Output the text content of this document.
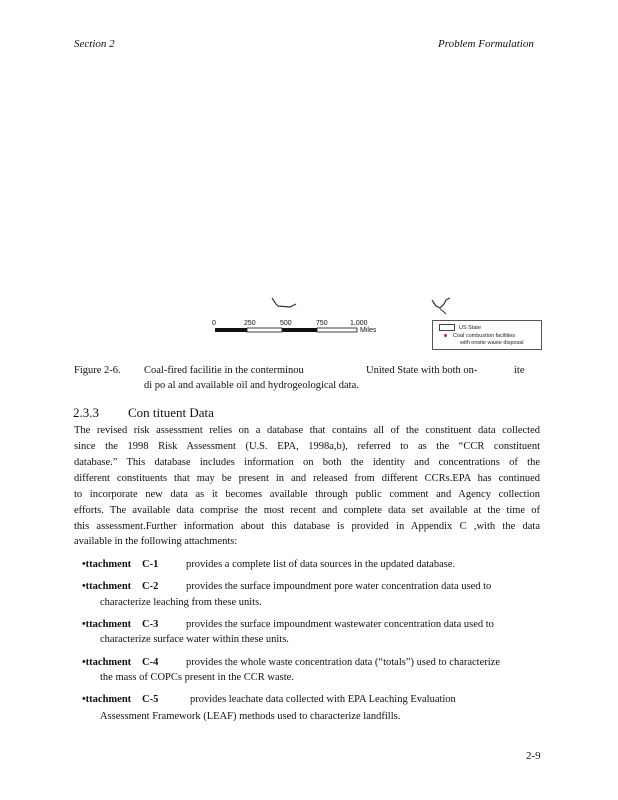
Section 2	Problem Formulation
0	250	500	750	1,000
Miles	US State
Coal combustion facilities
with onsite waste disposal
Figure 2-6. Coal-fired facilitie in the conterminou	United State with both on-	ite
di po al and available oil and hydrogeological data.
2.3.3 Con tituent Data
The revised risk assessment relies on a database that contains all of the constituent data collected
since the 1998 Risk Assessment (U.S. EPA, 1998a,b), referred to as the “CCR constituent
database.” This database includes information on both the identity and concentrations of the
different constituents that may be present in and released from different CCRs.EPA has continued
to incorporate new data as it becomes available through public comment and Agency collection
efforts. The available data comprise the most recent and complete data set available at the time of
this assessment.Further information about this database is provided in Appendix C ,with the data
available in the following attachments:
•ttachment C-1	provides a complete list of data sources in the updated database.
•ttachment C-2	provides the surface impoundment pore water concentration data used to
characterize leaching from these units.
•ttachment C-3	provides the surface impoundment wastewater concentration data used to
characterize surface water within these units.
•ttachment C-4	provides the whole waste concentration data (“totals”) used to characterize
the mass of COPCs present in the CCR waste.
•ttachment C-5	provides leachate data collected with EPA Leaching Evaluation
Assessment Framework (LEAF) methods used to characterize landfills.
2-9
